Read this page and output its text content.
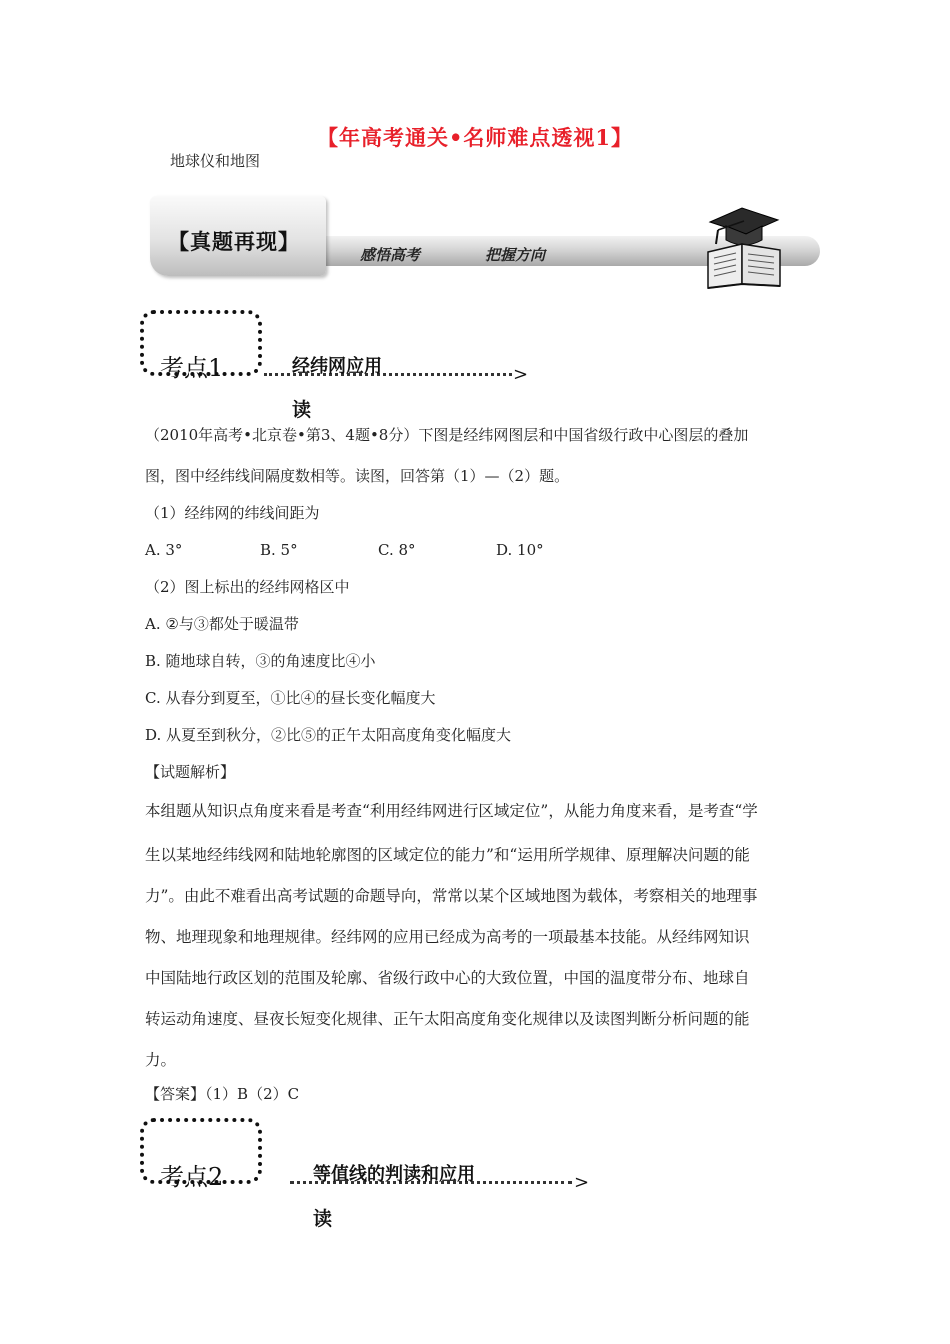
【年高考通关•名师难点透视1】
地球仪和地图
【真题再现】
感悟高考	把握方向
考点1	经纬网应用	>
读
（2010年高考•北京卷•第3、4题•8分）下图是经纬网图层和中国省级行政中心图层的叠加
图，图中经纬线间隔度数相等。读图，回答第（1）—（2）题。
（1）经纬网的纬线间距为
A. 3°	B. 5°	C. 8°	D. 10°
（2）图上标出的经纬网格区中
A. ②与③都处于暖温带
B. 随地球自转，③的角速度比④小
C. 从春分到夏至，①比④的昼长变化幅度大
D. 从夏至到秋分，②比⑤的正午太阳高度角变化幅度大
【试题解析】
本组题从知识点角度来看是考查“利用经纬网进行区域定位”，从能力角度来看，是考查“学
生以某地经纬线网和陆地轮廓图的区域定位的能力”和“运用所学规律、原理解决问题的能
力”。由此不难看出高考试题的命题导向，常常以某个区域地图为载体，考察相关的地理事
物、地理现象和地理规律。经纬网的应用已经成为高考的一项最基本技能。从经纬网知识
中国陆地行政区划的范围及轮廓、省级行政中心的大致位置，中国的温度带分布、地球自
转运动角速度、昼夜长短变化规律、正午太阳高度角变化规律以及读图判断分析问题的能
力。
【答案】（1）B（2）C
考点2	等值线的判读和应用	>
读
